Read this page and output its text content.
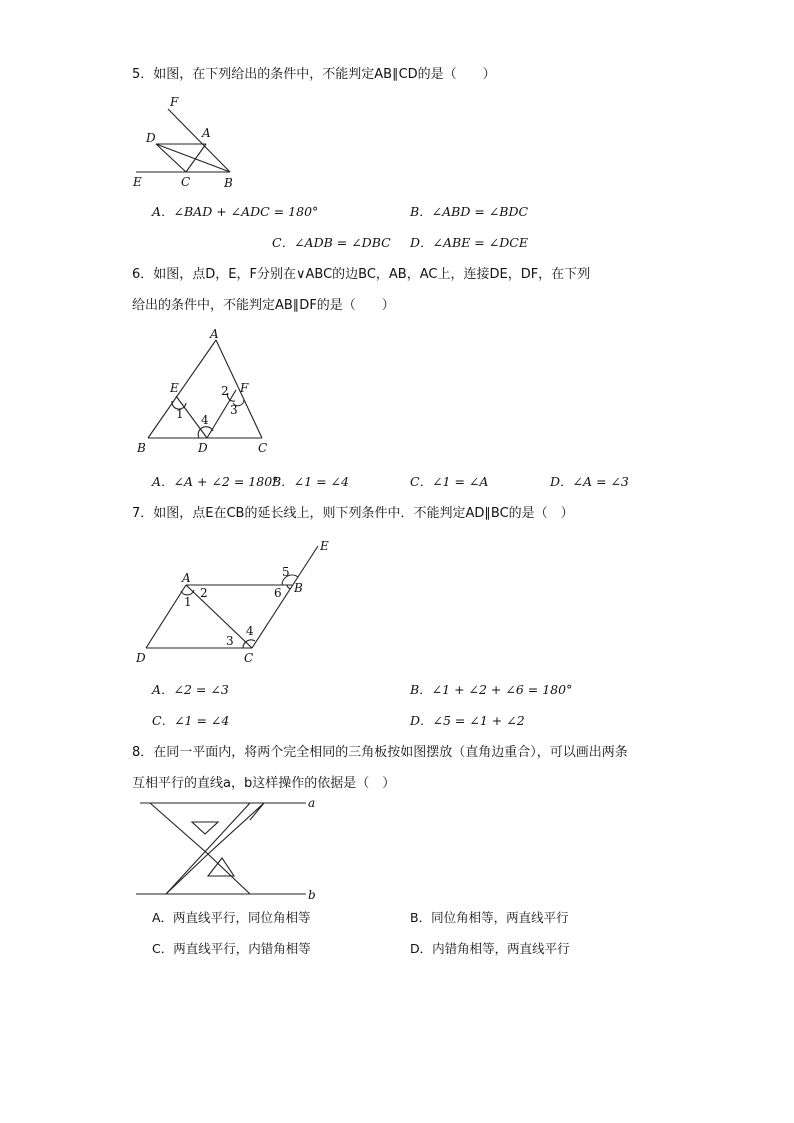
5．如图，在下列给出的条件中，不能判定AB∥CD的是（　　）
F
A
D
E	C	B
A．∠BAD + ∠ADC = 180°	B．∠ABD = ∠BDC
C．∠ADB = ∠DBC D．∠ABE = ∠DCE
6．如图，点D，E，F分别在∨ABC的边BC，AB，AC上，连接DE，DF，在下列
给出的条件中，不能判定AB∥DF的是（　　）
A
E	F
B	D	C
1
2
3
4
A．∠A + ∠2 = 180°
B．∠1 = ∠4	C．∠1 = ∠A	D．∠A = ∠3
7．如图，点E在CB的延长线上，则下列条件中．不能判定AD∥BC的是（　）
E
A
B
D	C
1
2
3
4
5
6
A．∠2 = ∠3	B．∠1 + ∠2 + ∠6 = 180°
C．∠1 = ∠4	D．∠5 = ∠1 + ∠2
8．在同一平面内，将两个完全相同的三角板按如图摆放（直角边重合），可以画出两条
互相平行的直线a，b这样操作的依据是（　）
a
b
A．两直线平行，同位角相等	B．同位角相等，两直线平行
C．两直线平行，内错角相等	D．内错角相等，两直线平行
